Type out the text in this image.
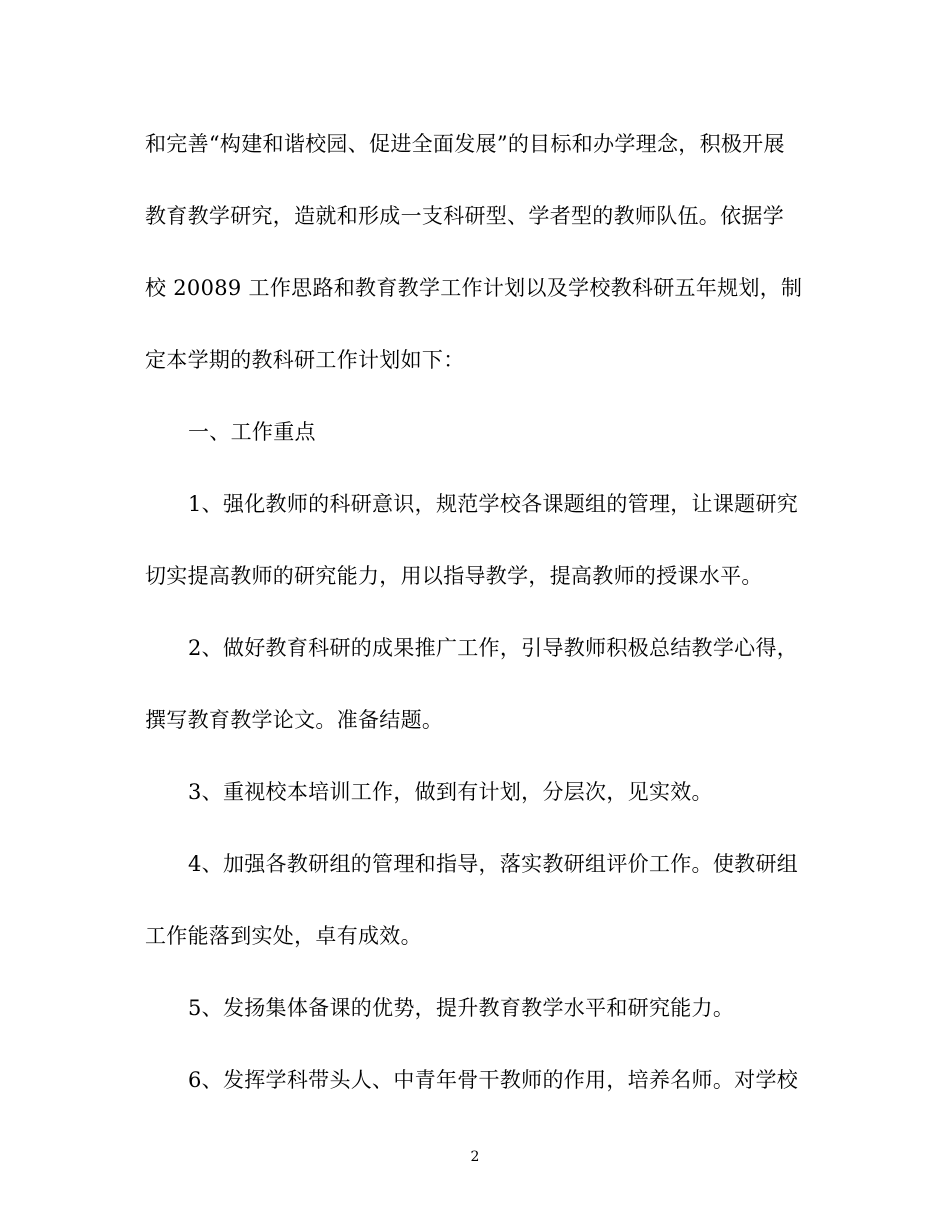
和完善“构建和谐校园、促进全面发展”的目标和办学理念，积极开展
教育教学研究，造就和形成一支科研型、学者型的教师队伍。依据学
校 20089 工作思路和教育教学工作计划以及学校教科研五年规划，制
定本学期的教科研工作计划如下：
一、工作重点
1、强化教师的科研意识，规范学校各课题组的管理，让课题研究
切实提高教师的研究能力，用以指导教学，提高教师的授课水平。
2、做好教育科研的成果推广工作，引导教师积极总结教学心得，
撰写教育教学论文。准备结题。
3、重视校本培训工作，做到有计划，分层次，见实效。
4、加强各教研组的管理和指导，落实教研组评价工作。使教研组
工作能落到实处，卓有成效。
5、发扬集体备课的优势，提升教育教学水平和研究能力。
6、发挥学科带头人、中青年骨干教师的作用，培养名师。对学校
2
